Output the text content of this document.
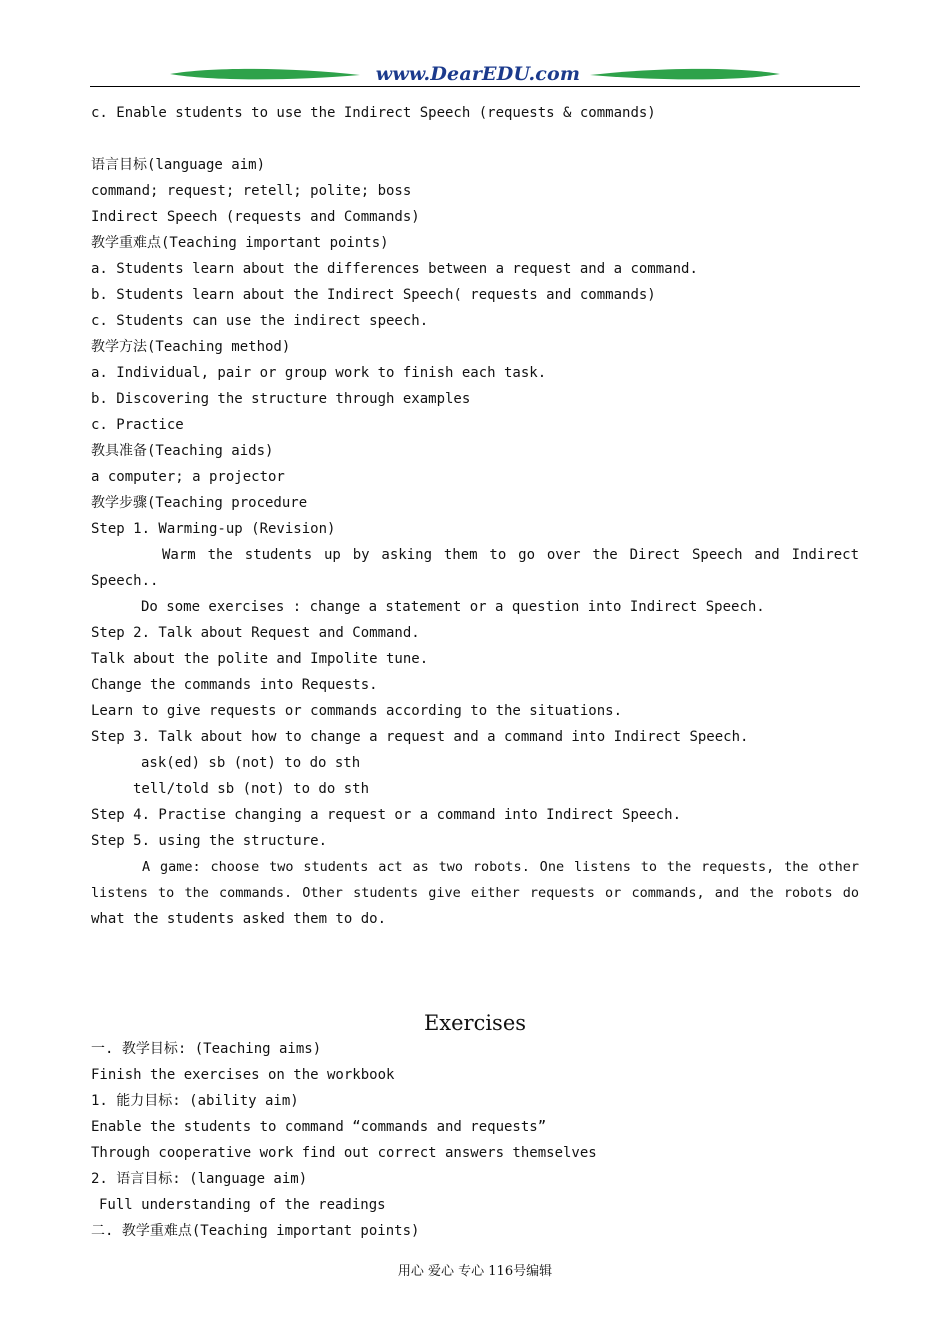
www.DearEDU.com
c. Enable students to use the Indirect Speech (requests & commands)
语言目标(language aim)
command; request; retell; polite; boss
Indirect Speech (requests and Commands)
教学重难点(Teaching important points)
a. Students learn about the differences between a request and a command.
b. Students learn about the Indirect Speech( requests and commands)
c. Students can use the indirect speech.
教学方法(Teaching method)
a. Individual, pair or group work to finish each task.
b. Discovering the structure through examples
c. Practice
教具准备(Teaching aids)
a computer; a projector
教学步骤(Teaching procedure
Step 1. Warming-up (Revision)
Warm the students up by asking them to go over the Direct Speech and Indirect
Speech..
Do some exercises : change a statement or a question into Indirect Speech.
Step 2. Talk about Request and Command.
Talk about the polite and Impolite tune.
Change the commands into Requests.
Learn to give requests or commands according to the situations.
Step 3. Talk about how to change a request and a command into Indirect Speech.
ask(ed) sb (not) to do sth
tell/told sb (not) to do sth
Step 4. Practise changing a request or a command into Indirect Speech.
Step 5. using the structure.
A game: choose two students act as two robots. One listens to the requests, the other
listens to the commands. Other students give either requests or commands, and the robots do
what the students asked them to do.
Exercises
一. 教学目标: (Teaching aims)
Finish the exercises on the workbook
1. 能力目标: (ability aim)
Enable the students to command “commands and requests”
Through cooperative work find out correct answers themselves
2. 语言目标: (language aim)
Full understanding of the readings
二. 教学重难点(Teaching important points)
用心 爱心 专心 116号编辑
